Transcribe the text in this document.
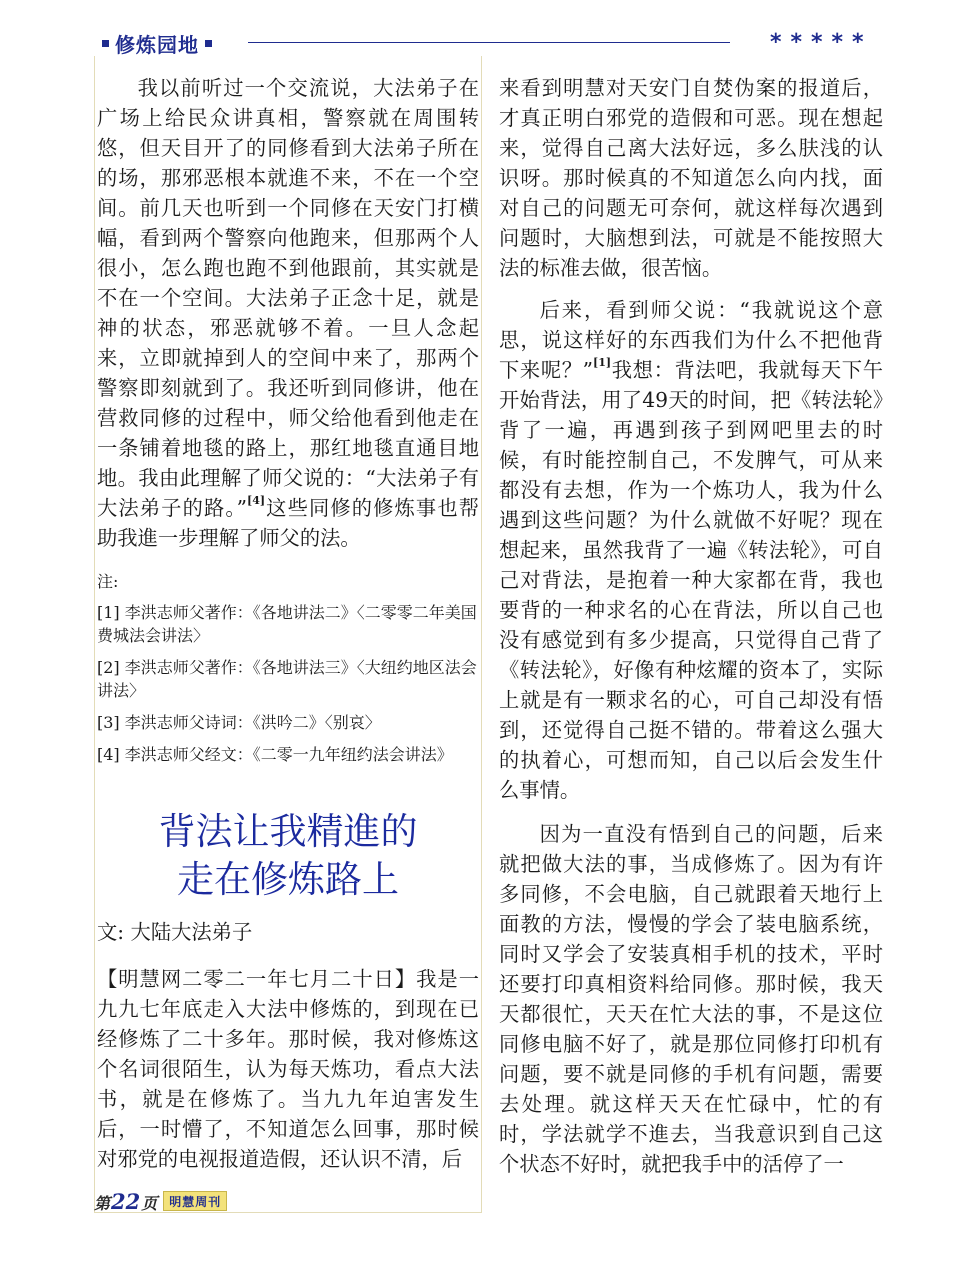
修炼园地	*****

我以前听过一个交流说，大法弟子在广场上给民众讲真相，警察就在周围转悠，但天目开了的同修看到大法弟子所在的场，那邪恶根本就進不来，不在一个空间。前几天也听到一个同修在天安门打横幅，看到两个警察向他跑来，但那两个人很小，怎么跑也跑不到他跟前，其实就是不在一个空间。大法弟子正念十足，就是神的状态，邪恶就够不着。一旦人念起来，立即就掉到人的空间中来了，那两个警察即刻就到了。我还听到同修讲，他在营救同修的过程中，师父给他看到他走在一条铺着地毯的路上，那红地毯直通目地地。我由此理解了师父说的：“大法弟子有大法弟子的路。”[4]这些同修的修炼事也帮助我進一步理解了师父的法。

注:
[1] 李洪志师父著作：《各地讲法二》〈二零零二年美国费城法会讲法〉
[2] 李洪志师父著作：《各地讲法三》〈大纽约地区法会讲法〉
[3] 李洪志师父诗词：《洪吟二》〈别哀〉
[4] 李洪志师父经文：《二零一九年纽约法会讲法》
背法让我精進的
走在修炼路上
文: 大陆大法弟子

【明慧网二零二一年七月二十日】我是一九九七年底走入大法中修炼的，到现在已经修炼了二十多年。那时候，我对修炼这个名词很陌生，认为每天炼功，看点大法书，就是在修炼了。当九九年迫害发生后，一时懵了，不知道怎么回事，那时候对邪党的电视报道造假，还认识不清，后

来看到明慧对天安门自焚伪案的报道后，才真正明白邪党的造假和可恶。现在想起来，觉得自己离大法好远，多么肤浅的认识呀。那时候真的不知道怎么向内找，面对自己的问题无可奈何，就这样每次遇到问题时，大脑想到法，可就是不能按照大法的标准去做，很苦恼。

后来，看到师父说：“我就说这个意思，说这样好的东西我们为什么不把他背下来呢？”[1]我想：背法吧，我就每天下午开始背法，用了49天的时间，把《转法轮》背了一遍，再遇到孩子到网吧里去的时候，有时能控制自己，不发脾气，可从来都没有去想，作为一个炼功人，我为什么遇到这些问题？为什么就做不好呢？现在想起来，虽然我背了一遍《转法轮》，可自己对背法，是抱着一种大家都在背，我也要背的一种求名的心在背法，所以自己也没有感觉到有多少提高，只觉得自己背了《转法轮》，好像有种炫耀的资本了，实际上就是有一颗求名的心，可自己却没有悟到，还觉得自己挺不错的。带着这么强大的执着心，可想而知，自己以后会发生什么事情。

因为一直没有悟到自己的问题，后来就把做大法的事，当成修炼了。因为有许多同修，不会电脑，自己就跟着天地行上面教的方法，慢慢的学会了装电脑系统，同时又学会了安装真相手机的技术，平时还要打印真相资料给同修。那时候，我天天都很忙，天天在忙大法的事，不是这位同修电脑不好了，就是那位同修打印机有问题，要不就是同修的手机有问题，需要去处理。就这样天天在忙碌中，忙的有时，学法就学不進去，当我意识到自己这个状态不好时，就把我手中的活停了一

第22页	明慧周刊
